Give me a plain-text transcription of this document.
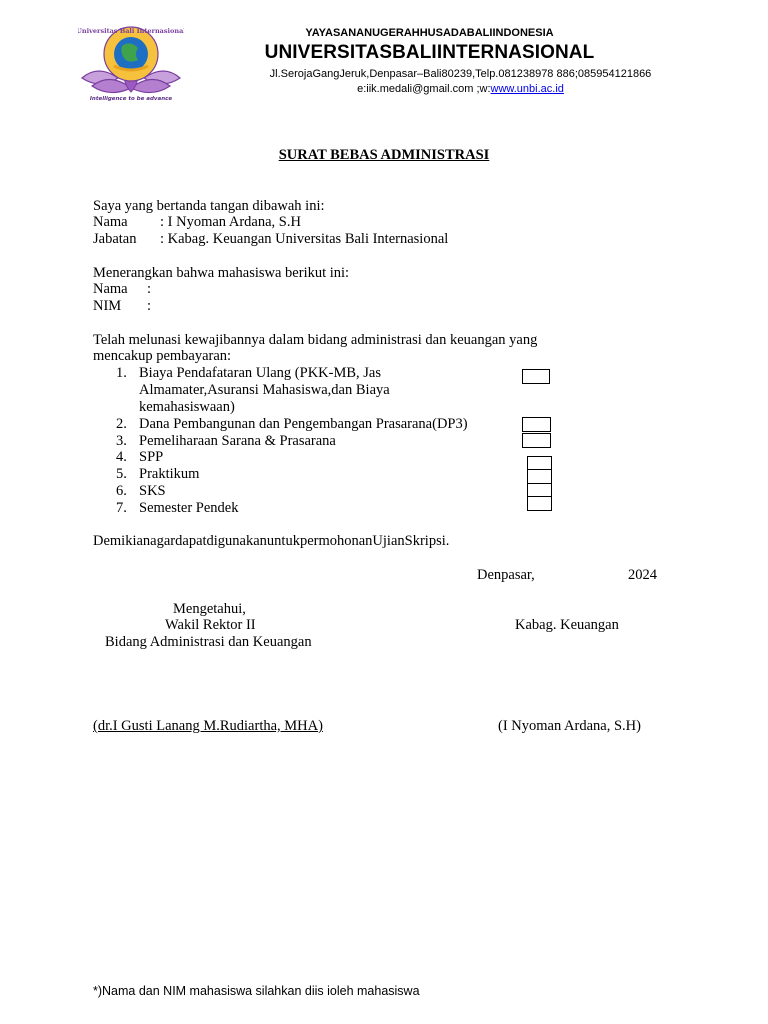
Universitas Bali Internasional
Intelligence to be advance
YAYASANANUGERAHHUSADABALIINDONESIA
UNIVERSITASBALIINTERNASIONAL
Jl.SerojaGangJeruk,Denpasar–Bali80239,Telp.081238978 886;085954121866
e:iik.medali@gmail.com ;w:www.unbi.ac.id
SURAT BEBAS ADMINISTRASI
Saya yang bertanda tangan dibawah ini:
Nama : I Nyoman Ardana, S.H
Jabatan : Kabag. Keuangan Universitas Bali Internasional
Menerangkan bahwa mahasiswa berikut ini:
Nama :
NIM :
Telah melunasi kewajibannya dalam bidang administrasi dan keuangan yang
mencakup pembayaran:
1. Biaya Pendafataran Ulang (PKK-MB, Jas
Almamater,Asuransi Mahasiswa,dan Biaya
kemahasiswaan)
2. Dana Pembangunan dan Pengembangan Prasarana(DP3)
3. Pemeliharaan Sarana & Prasarana
4. SPP
5. Praktikum
6. SKS
7. Semester Pendek
DemikianagardapatdigunakanuntukpermohonanUjianSkripsi.
Denpasar,	2024
Mengetahui,
Wakil Rektor II
Bidang Administrasi dan Keuangan
Kabag. Keuangan
(dr.I Gusti Lanang M.Rudiartha, MHA)	(I Nyoman Ardana, S.H)
*)Nama dan NIM mahasiswa silahkan diis ioleh mahasiswa
